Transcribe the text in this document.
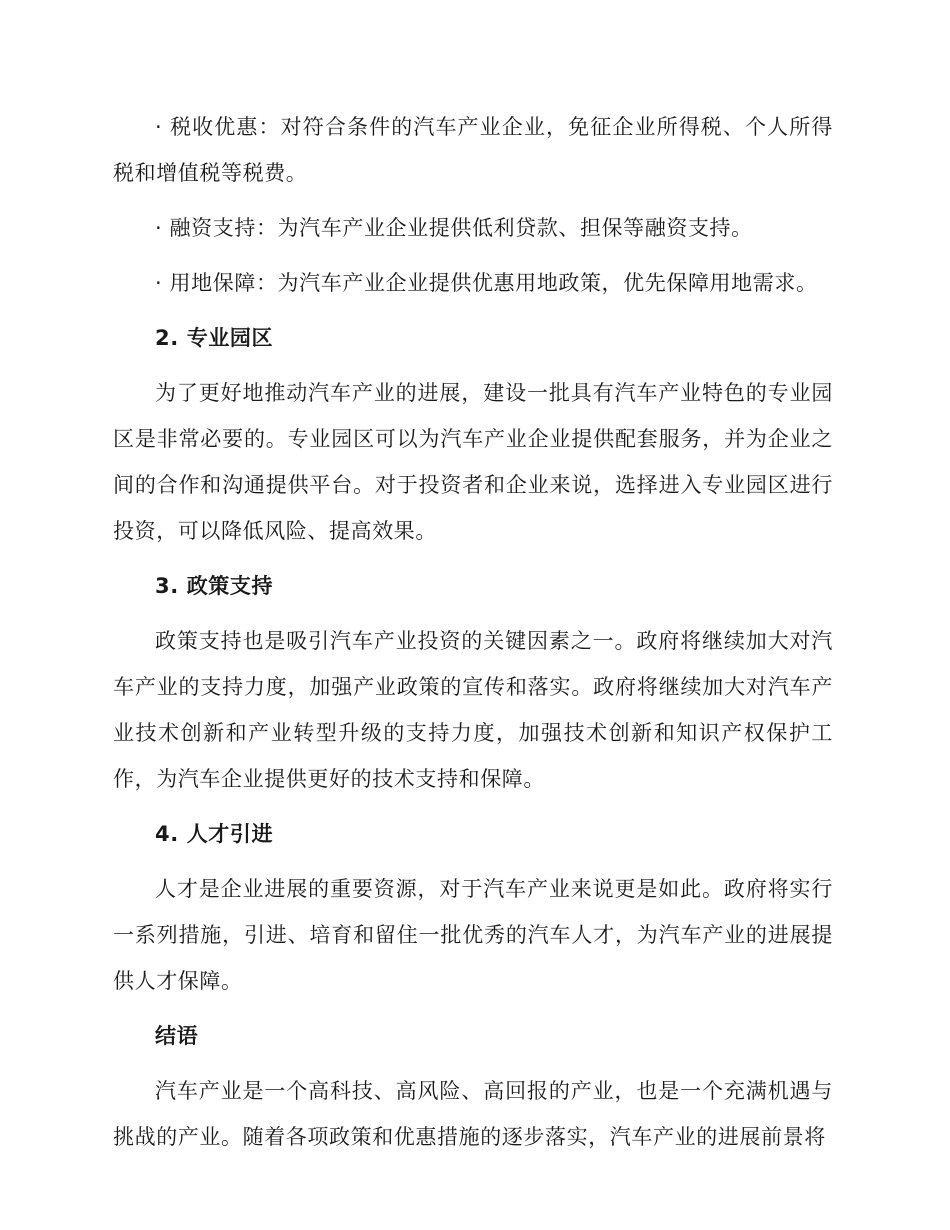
· 税收优惠：对符合条件的汽车产业企业，免征企业所得税、个人所得税和增值税等税费。

· 融资支持：为汽车产业企业提供低利贷款、担保等融资支持。

· 用地保障：为汽车产业企业提供优惠用地政策，优先保障用地需求。

2. 专业园区

为了更好地推动汽车产业的进展，建设一批具有汽车产业特色的专业园区是非常必要的。专业园区可以为汽车产业企业提供配套服务，并为企业之间的合作和沟通提供平台。对于投资者和企业来说，选择进入专业园区进行投资，可以降低风险、提高效果。

3. 政策支持

政策支持也是吸引汽车产业投资的关键因素之一。政府将继续加大对汽车产业的支持力度，加强产业政策的宣传和落实。政府将继续加大对汽车产业技术创新和产业转型升级的支持力度，加强技术创新和知识产权保护工作，为汽车企业提供更好的技术支持和保障。

4. 人才引进

人才是企业进展的重要资源，对于汽车产业来说更是如此。政府将实行一系列措施，引进、培育和留住一批优秀的汽车人才，为汽车产业的进展提供人才保障。

结语

汽车产业是一个高科技、高风险、高回报的产业，也是一个充满机遇与挑战的产业。随着各项政策和优惠措施的逐步落实，汽车产业的进展前景将
